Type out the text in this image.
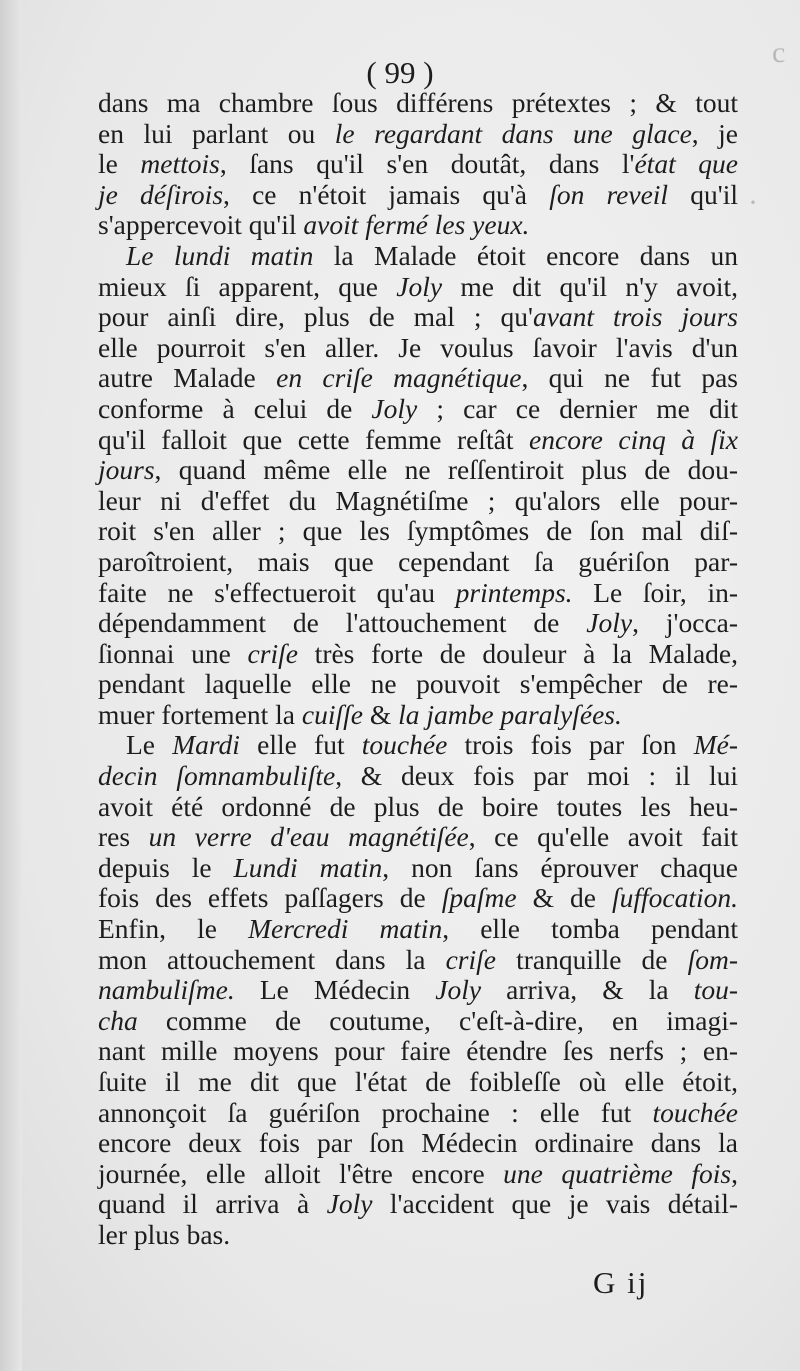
c
·
( 99 )
dans ma chambre ſous différens prétextes ; & tout
en lui parlant ou le regardant dans une glace, je
le mettois, ſans qu'il s'en doutât, dans l'état que
je déſirois, ce n'étoit jamais qu'à ſon reveil qu'il
s'appercevoit qu'il avoit fermé les yeux.
Le lundi matin la Malade étoit encore dans un
mieux ſi apparent, que Joly me dit qu'il n'y avoit,
pour ainſi dire, plus de mal ; qu'avant trois jours
elle pourroit s'en aller. Je voulus ſavoir l'avis d'un
autre Malade en criſe magnétique, qui ne fut pas
conforme à celui de Joly ; car ce dernier me dit
qu'il falloit que cette femme reſtât encore cinq à ſix
jours, quand même elle ne reſſentiroit plus de dou-
leur ni d'effet du Magnétiſme ; qu'alors elle pour-
roit s'en aller ; que les ſymptômes de ſon mal diſ-
paroîtroient, mais que cependant ſa guériſon par-
faite ne s'effectueroit qu'au printemps. Le ſoir, in-
dépendamment de l'attouchement de Joly, j'occa-
ſionnai une criſe très forte de douleur à la Malade,
pendant laquelle elle ne pouvoit s'empêcher de re-
muer fortement la cuiſſe & la jambe paralyſées.
Le Mardi elle fut touchée trois fois par ſon Mé-
decin ſomnambuliſte, & deux fois par moi : il lui
avoit été ordonné de plus de boire toutes les heu-
res un verre d'eau magnétiſée, ce qu'elle avoit fait
depuis le Lundi matin, non ſans éprouver chaque
fois des effets paſſagers de ſpaſme & de ſuffocation.
Enfin, le Mercredi matin, elle tomba pendant
mon attouchement dans la criſe tranquille de ſom-
nambuliſme. Le Médecin Joly arriva, & la tou-
cha comme de coutume, c'eſt-à-dire, en imagi-
nant mille moyens pour faire étendre ſes nerfs ; en-
ſuite il me dit que l'état de foibleſſe où elle étoit,
annonçoit ſa guériſon prochaine : elle fut touchée
encore deux fois par ſon Médecin ordinaire dans la
journée, elle alloit l'être encore une quatrième fois,
quand il arriva à Joly l'accident que je vais détail-
ler plus bas.
G ij
